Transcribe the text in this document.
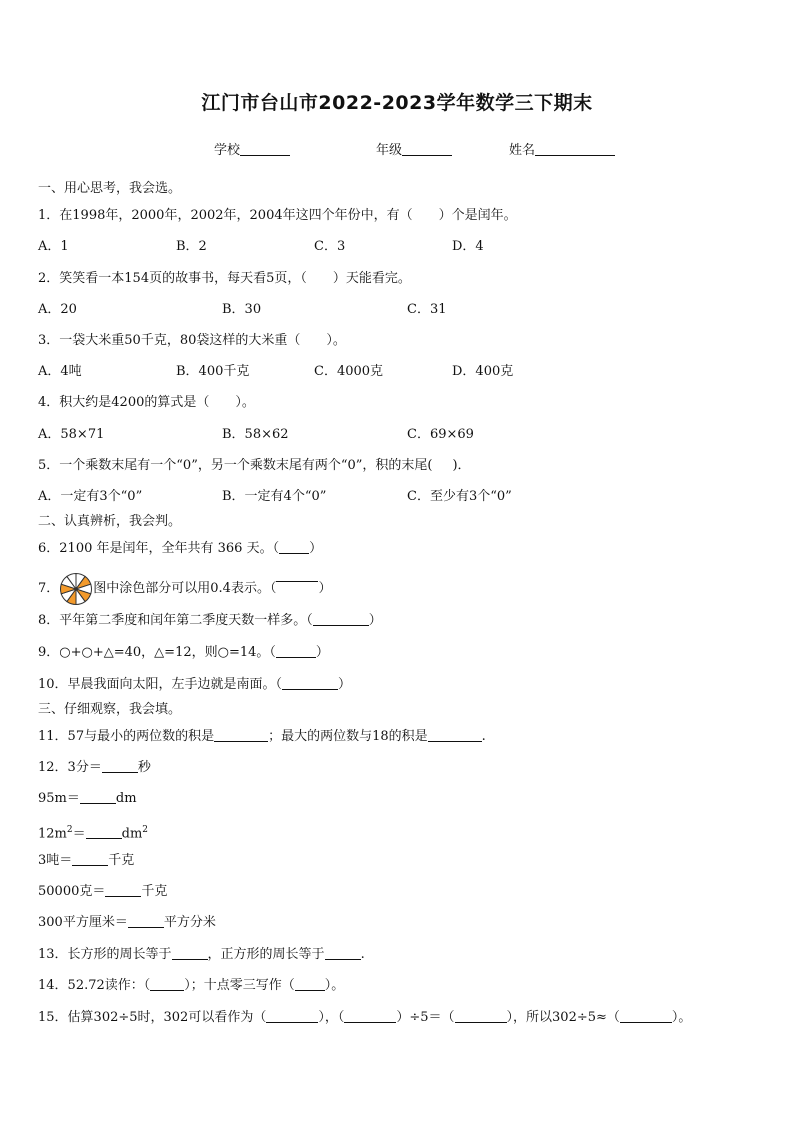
江门市台山市2022-2023学年数学三下期末
学校	年级	姓名
一、用心思考，我会选。
1．在1998年，2000年，2002年，2004年这四个年份中，有（ ）个是闰年。
A．1	B．2	C．3	D．4
2．笑笑看一本154页的故事书，每天看5页，（ ）天能看完。
A．20	B．30	C．31
3．一袋大米重50千克，80袋这样的大米重（ ）。
A．4吨	B．400千克	C．4000克	D．400克
4．积大约是4200的算式是（ ）。
A．58×71	B．58×62	C．69×69
5．一个乘数末尾有一个“0”，另一个乘数末尾有两个“0”，积的末尾( )．
A．一定有3个“0”	B．一定有4个“0”	C．至少有3个“0”
二、认真辨析，我会判。
6．2100 年是闰年，全年共有 366 天。（ ）
7．	图中涂色部分可以用0.4表示。（	）
8．平年第二季度和闰年第二季度天数一样多。（	）
9．○+○+△=40，△=12，则○=14。（	）
10．早晨我面向太阳，左手边就是南面。（	）
三、仔细观察，我会填。
11．57与最小的两位数的积是	；最大的两位数与18的积是	.
12．3分＝	秒
95m＝	dm
$12m^2=$	$dm^2$
3吨＝	千克
50000克＝	千克
300平方厘米＝	平方分米
13．长方形的周长等于	，正方形的周长等于	.
14．52.72读作：（	）；十点零三写作（ ）。
15．估算302÷5时，302可以看作为（	），（	）÷5＝（	），所以302÷5≈（	）。
